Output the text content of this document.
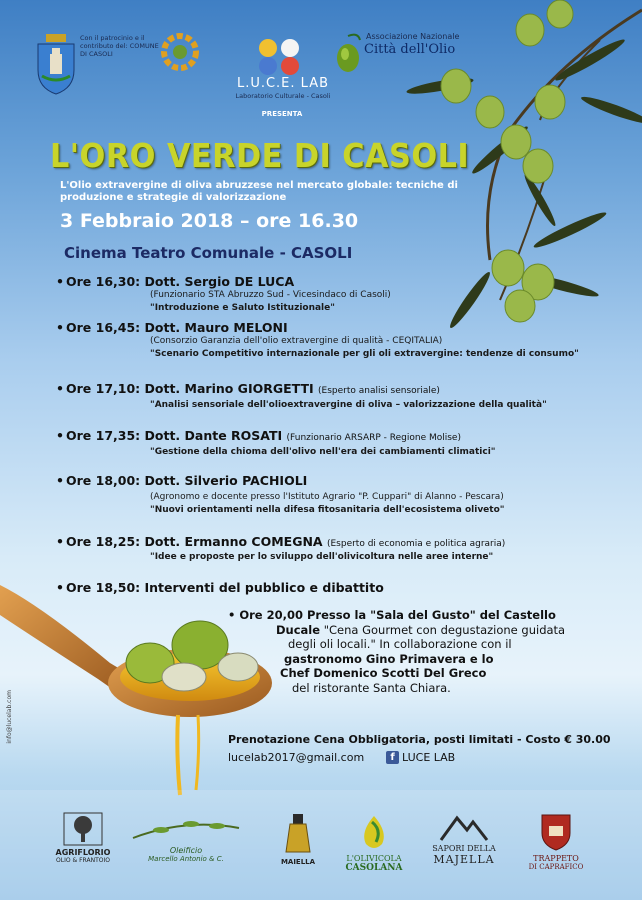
Con il patrocinio e il contributo del: COMUNE DI CASOLI
L.U.C.E. LAB
Laboratorio Culturale - Casoli
PRESENTA
Associazione Nazionale
Città dell'Olio
L'ORO VERDE DI CASOLI
L'Olio extravergine di oliva abruzzese nel mercato globale: tecniche di produzione e strategie di valorizzazione
3 Febbraio 2018 – ore 16.30
Cinema Teatro Comunale - CASOLI
• Ore 16,30: Dott. Sergio DE LUCA
(Funzionario STA Abruzzo Sud - Vicesindaco di Casoli)
"Introduzione e Saluto Istituzionale"
• Ore 16,45: Dott. Mauro MELONI
(Consorzio Garanzia dell'olio extravergine di qualità - CEQITALIA)
"Scenario Competitivo internazionale per gli oli extravergine: tendenze di consumo"
• Ore 17,10: Dott. Marino GIORGETTI (Esperto analisi sensoriale)
"Analisi sensoriale dell'olioextravergine di oliva – valorizzazione della qualità"
• Ore 17,35: Dott. Dante ROSATI (Funzionario ARSARP - Regione Molise)
"Gestione della chioma dell'olivo nell'era dei cambiamenti climatici"
• Ore 18,00: Dott. Silverio PACHIOLI
(Agronomo e docente presso l'Istituto Agrario "P. Cuppari" di Alanno - Pescara)
"Nuovi orientamenti nella difesa fitosanitaria dell'ecosistema oliveto"
• Ore 18,25: Dott. Ermanno COMEGNA (Esperto di economia e politica agraria)
"Idee e proposte per lo sviluppo dell'olivicoltura nelle aree interne"
• Ore 18,50: Interventi del pubblico e dibattito
• Ore 20,00 Presso la "Sala del Gusto" del Castello
Ducale "Cena Gourmet con degustazione guidata
degli oli locali." In collaborazione con il
gastronomo Gino Primavera e lo
Chef Domenico Scotti Del Greco
del ristorante Santa Chiara.
Prenotazione Cena Obbligatoria, posti limitati - Costo € 30.00
lucelab2017@gmail.com	f LUCE LAB
info@lucelab.com
AGRIFLORIO
OLIO & FRANTOIO
Oleificio
Marcello Antonio & C.	MAIELLA	L'OLIVICOLA
CASOLANA
SAPORI DELLA
MAJELLA	TRAPPETO
DI CAPRAFICO
